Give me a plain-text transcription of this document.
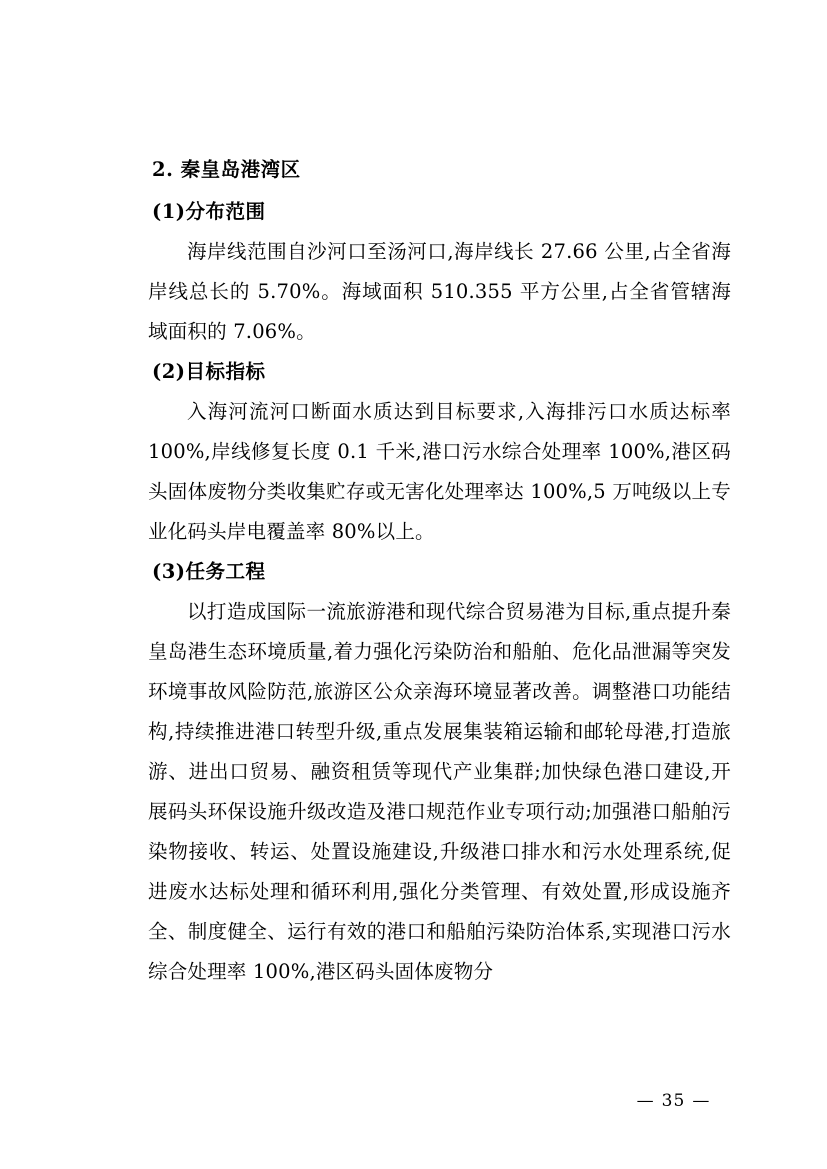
2. 秦皇岛港湾区

(1)分布范围

海岸线范围自沙河口至汤河口,海岸线长 27.66 公里,占全省海岸线总长的 5.70%。海域面积 510.355 平方公里,占全省管辖海域面积的 7.06%。

(2)目标指标

入海河流河口断面水质达到目标要求,入海排污口水质达标率 100%,岸线修复长度 0.1 千米,港口污水综合处理率 100%,港区码头固体废物分类收集贮存或无害化处理率达 100%,5 万吨级以上专业化码头岸电覆盖率 80%以上。

(3)任务工程

以打造成国际一流旅游港和现代综合贸易港为目标,重点提升秦皇岛港生态环境质量,着力强化污染防治和船舶、危化品泄漏等突发环境事故风险防范,旅游区公众亲海环境显著改善。调整港口功能结构,持续推进港口转型升级,重点发展集装箱运输和邮轮母港,打造旅游、进出口贸易、融资租赁等现代产业集群;加快绿色港口建设,开展码头环保设施升级改造及港口规范作业专项行动;加强港口船舶污染物接收、转运、处置设施建设,升级港口排水和污水处理系统,促进废水达标处理和循环利用,强化分类管理、有效处置,形成设施齐全、制度健全、运行有效的港口和船舶污染防治体系,实现港口污水综合处理率 100%,港区码头固体废物分

— 35 —
